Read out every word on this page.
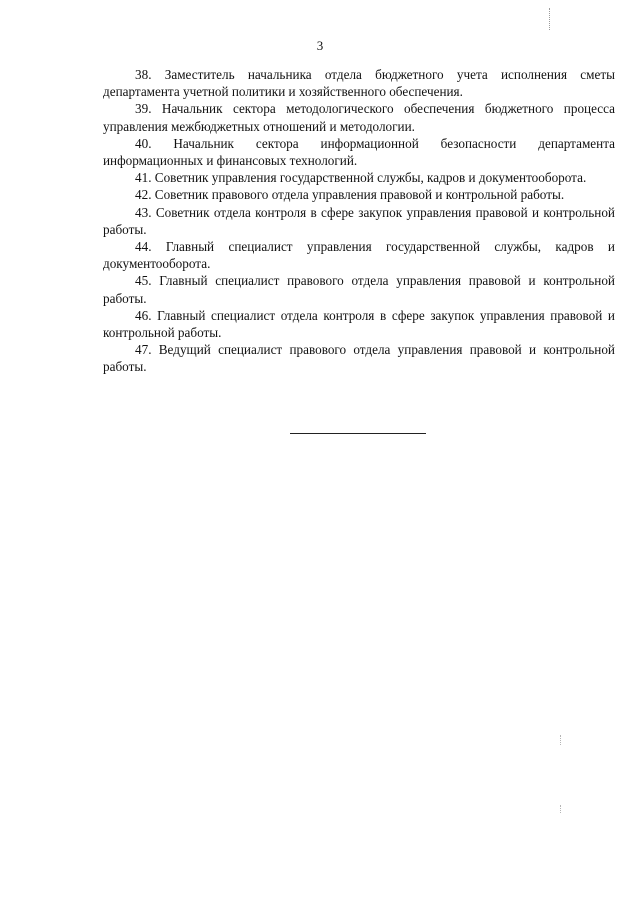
3

38. Заместитель начальника отдела бюджетного учета исполнения сметы департамента учетной политики и хозяйственного обеспечения.

39. Начальник сектора методологического обеспечения бюджетного процесса управления межбюджетных отношений и методологии.

40. Начальник сектора информационной безопасности департамента информационных и финансовых технологий.

41. Советник управления государственной службы, кадров и документооборота.

42. Советник правового отдела управления правовой и контрольной работы.

43. Советник отдела контроля в сфере закупок управления правовой и контрольной работы.

44. Главный специалист управления государственной службы, кадров и документооборота.

45. Главный специалист правового отдела управления правовой и контрольной работы.

46. Главный специалист отдела контроля в сфере закупок управления правовой и контрольной работы.

47. Ведущий специалист правового отдела управления правовой и контрольной работы.
